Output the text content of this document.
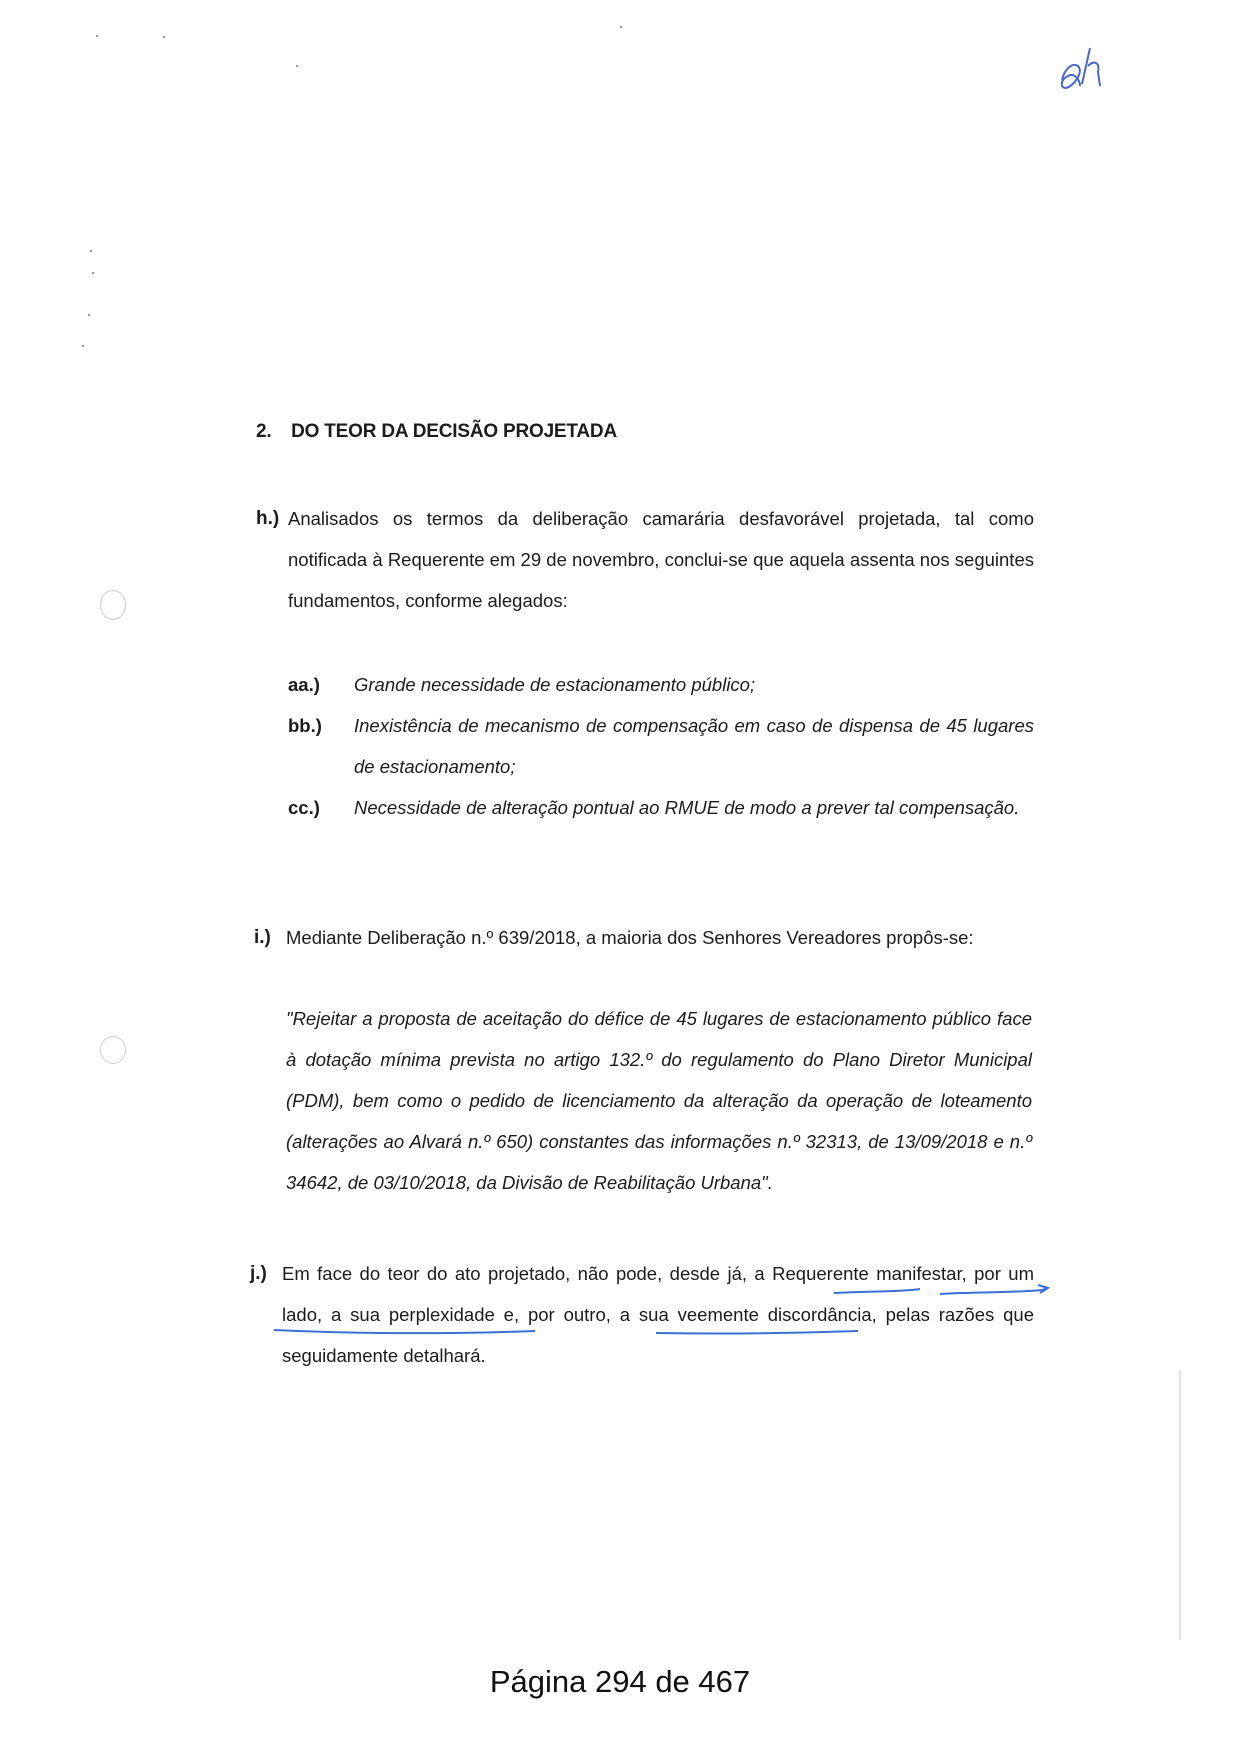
2. DO TEOR DA DECISÃO PROJETADA
h.) Analisados os termos da deliberação camarária desfavorável projetada, tal como notificada à Requerente em 29 de novembro, conclui-se que aquela assenta nos seguintes fundamentos, conforme alegados:
aa.) Grande necessidade de estacionamento público;
bb.) Inexistência de mecanismo de compensação em caso de dispensa de 45 lugares de estacionamento;
cc.) Necessidade de alteração pontual ao RMUE de modo a prever tal compensação.
i.) Mediante Deliberação n.º 639/2018, a maioria dos Senhores Vereadores propôs-se:
"Rejeitar a proposta de aceitação do défice de 45 lugares de estacionamento público face à dotação mínima prevista no artigo 132.º do regulamento do Plano Diretor Municipal (PDM), bem como o pedido de licenciamento da alteração da operação de loteamento (alterações ao Alvará n.º 650) constantes das informações n.º 32313, de 13/09/2018 e n.º 34642, de 03/10/2018, da Divisão de Reabilitação Urbana".
j.) Em face do teor do ato projetado, não pode, desde já, a Requerente manifestar, por um lado, a sua perplexidade e, por outro, a sua veemente discordância, pelas razões que seguidamente detalhará.
Página 294 de 467
